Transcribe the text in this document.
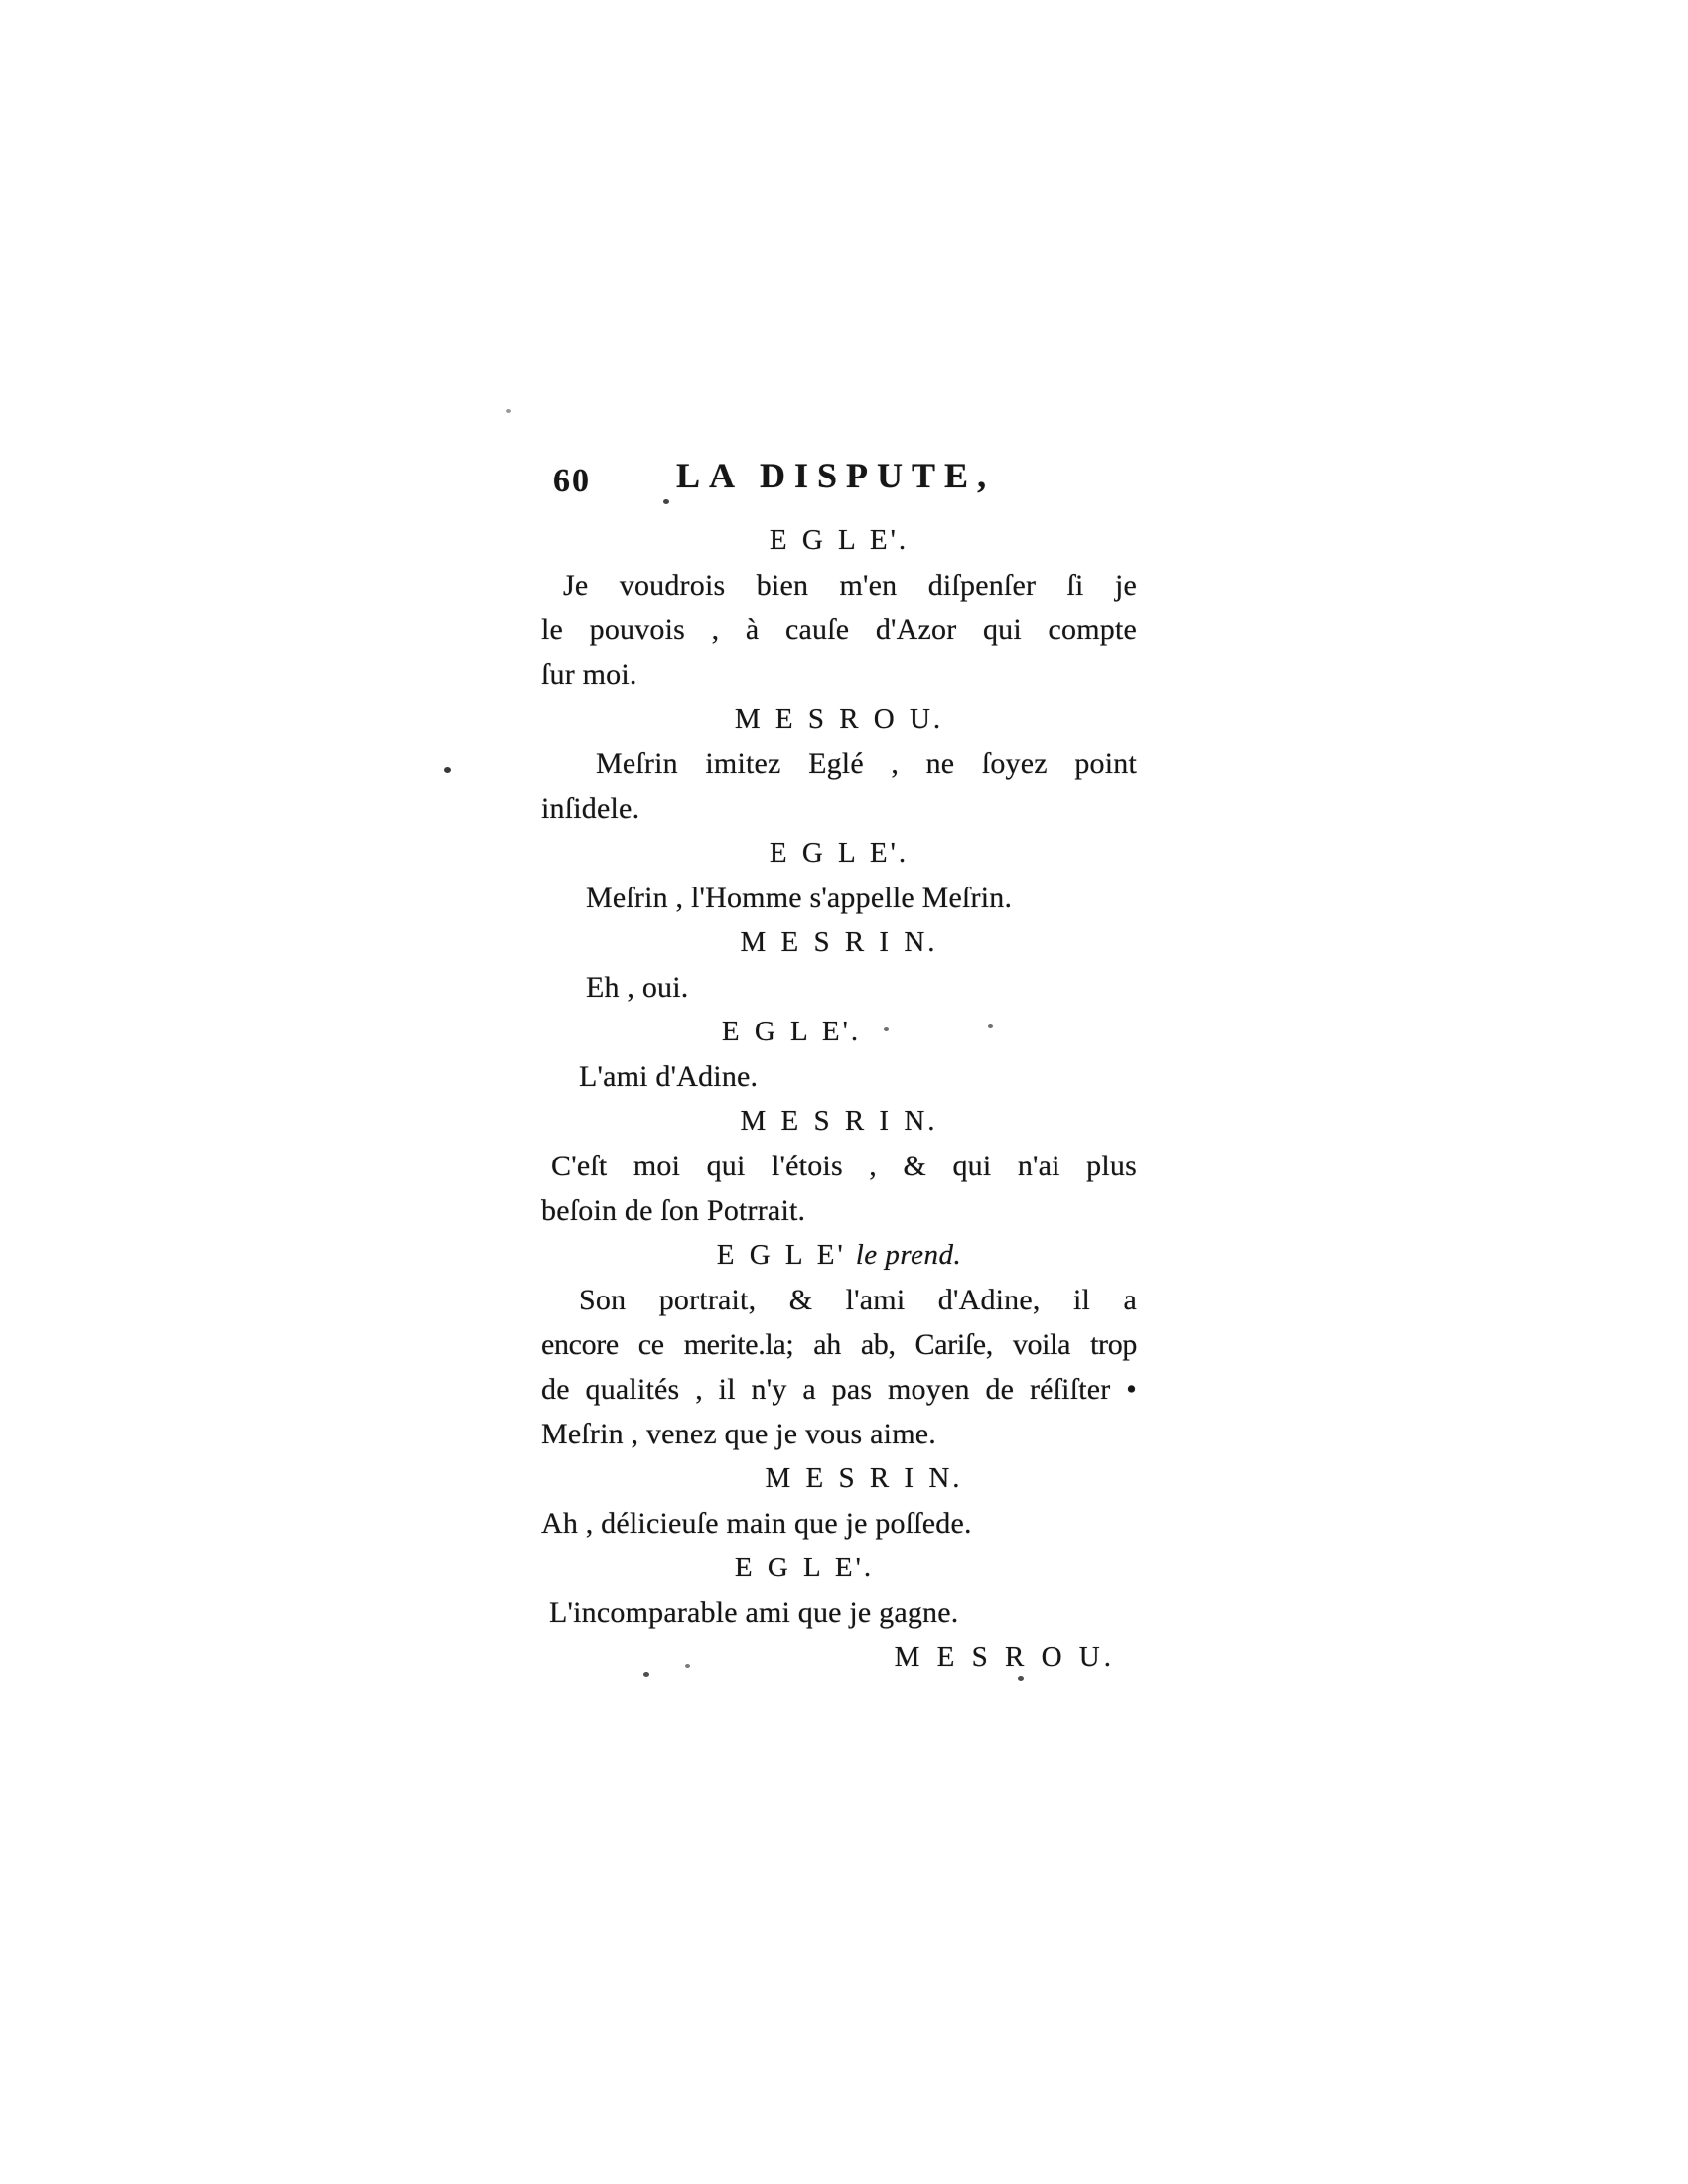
60 LA DISPUTE,
E G L E'.
Je voudrois bien m'en diſpenſer ſi je
le pouvois , à cauſe d'Azor qui compte
ſur moi.
M E S R O U.
Meſrin imitez Eglé , ne ſoyez point
inſidele.
E G L E'.
Meſrin , l'Homme s'appelle Meſrin.
M E S R I N.
Eh , oui.
E G L E'.
L'ami d'Adine.
M E S R I N.
C'eſt moi qui l'étois , & qui n'ai plus
beſoin de ſon Potrrait.
E G L E' le prend.
Son portrait, & l'ami d'Adine, il a
encore ce merite.la; ah ab, Cariſe, voila trop
de qualités , il n'y a pas moyen de réſiſter •
Meſrin , venez que je vous aime.
M E S R I N.
Ah , délicieuſe main que je poſſede.
E G L E'.
L'incomparable ami que je gagne.
M E S R O U.
